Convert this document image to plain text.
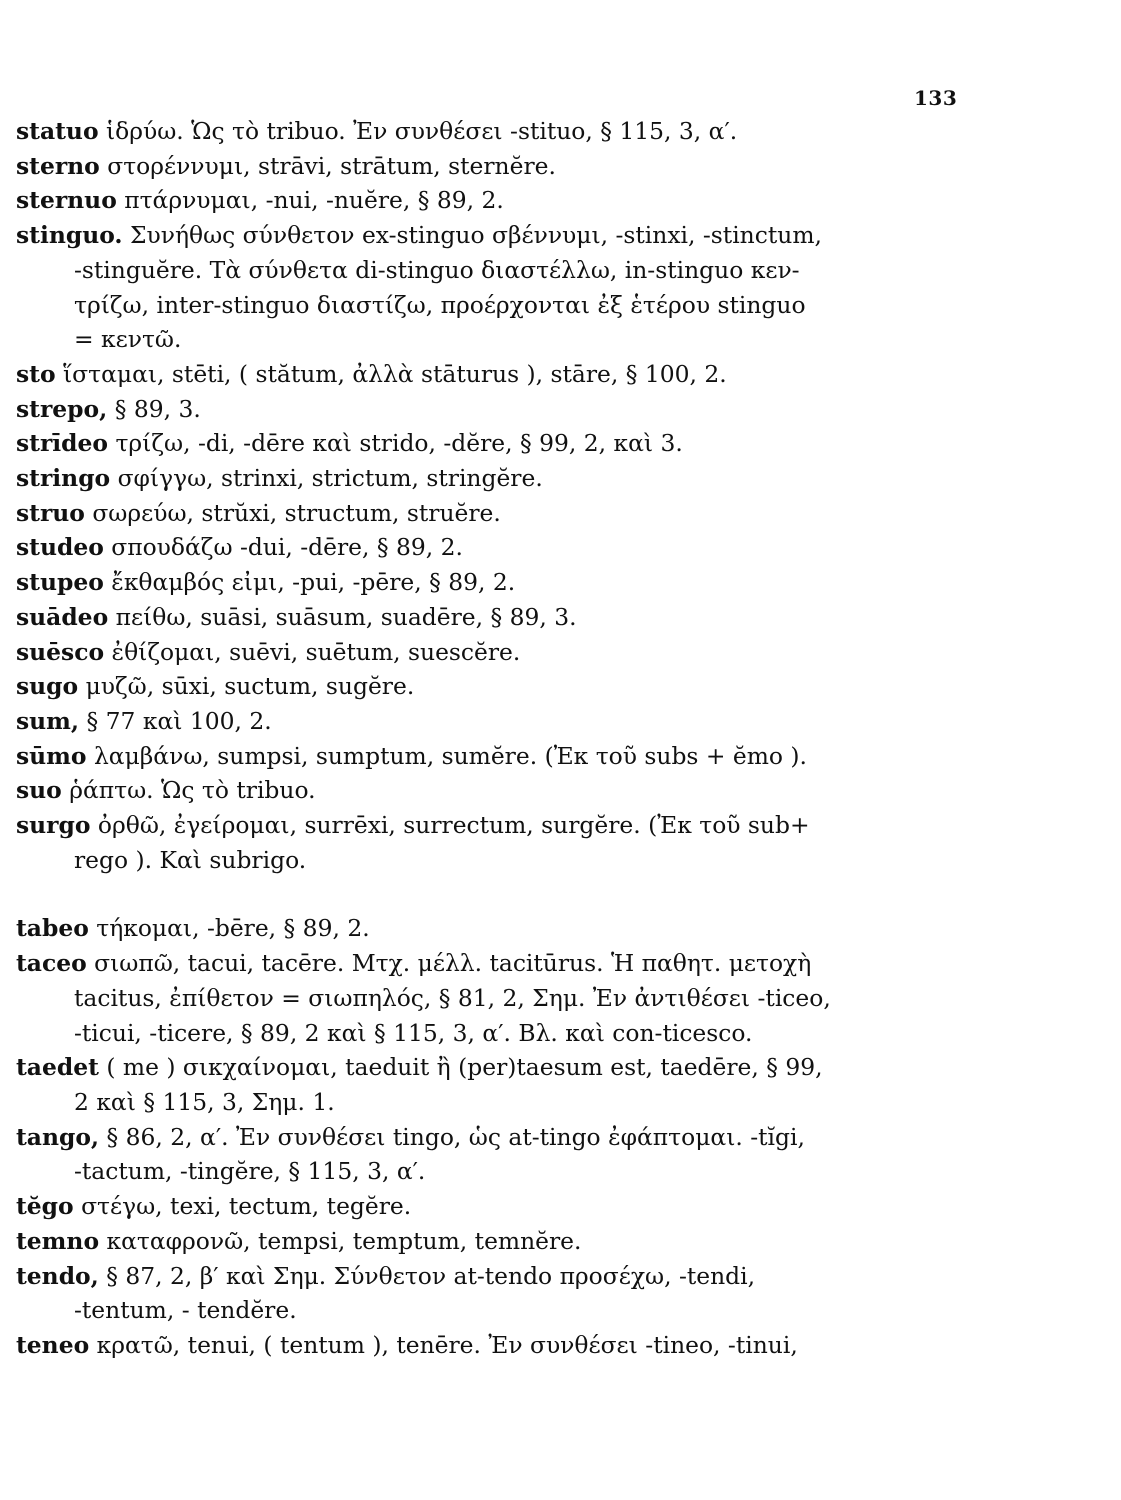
133
statuo ἱδρύω. Ὡς τὸ tribuo. Ἐν συνθέσει -stituo, § 115, 3, α′.
sterno στορέννυμι, strāvi, strātum, sternĕre.
sternuo πτάρνυμαι, -nui, -nuĕre, § 89, 2.
stinguo. Συνήθως σύνθετον ex-stinguo σβέννυμι, -stinxi, -stinctum,
-stinguĕre. Τὰ σύνθετα di-stinguo διαστέλλω, in-stinguo κεν-
τρίζω, inter-stinguo διαστίζω, προέρχονται ἐξ ἑτέρου stinguo
= κεντῶ.
sto ἵσταμαι, stēti, ( stătum, ἀλλὰ stāturus ), stāre, § 100, 2.
strepo, § 89, 3.
strīdeo τρίζω, -di, -dēre καὶ strido, -dĕre, § 99, 2, καὶ 3.
stringo σφίγγω, strinxi, strictum, stringĕre.
struo σωρεύω, strŭxi, structum, struĕre.
studeo σπουδάζω -dui, -dēre, § 89, 2.
stupeo ἔκθαμβός εἰμι, -pui, -pēre, § 89, 2.
suādeo πείθω, suāsi, suāsum, suadēre, § 89, 3.
suēsco ἐθίζομαι, suēvi, suētum, suescĕre.
sugo μυζῶ, sūxi, suctum, sugĕre.
sum, § 77 καὶ 100, 2.
sūmo λαμβάνω, sumpsi, sumptum, sumĕre. (Ἐκ τοῦ subs + ĕmo ).
suo ῥάπτω. Ὡς τὸ tribuo.
surgo ὀρθῶ, ἐγείρομαι, surrēxi, surrectum, surgĕre. (Ἐκ τοῦ sub+
rego ). Καὶ subrigo.
tabeo τήκομαι, -bēre, § 89, 2.
taceo σιωπῶ, tacui, tacēre. Μτχ. μέλλ. tacitūrus. Ἡ παθητ. μετοχὴ
tacitus, ἐπίθετον = σιωπηλός, § 81, 2, Σημ. Ἐν ἀντιθέσει -ticeo,
-ticui, -ticere, § 89, 2 καὶ § 115, 3, α′. Βλ. καὶ con-ticesco.
taedet ( me ) σικχαίνομαι, taeduit ἢ (per)taesum est, taedēre, § 99,
2 καὶ § 115, 3, Σημ. 1.
tango, § 86, 2, α′. Ἐν συνθέσει tingo, ὡς at-tingo ἐφάπτομαι. -tĭgi,
-tactum, -tingĕre, § 115, 3, α′.
tĕgo στέγω, texi, tectum, tegĕre.
temno καταφρονῶ, tempsi, temptum, temnĕre.
tendo, § 87, 2, β′ καὶ Σημ. Σύνθετον at-tendo προσέχω, -tendi,
-tentum, - tendĕre.
teneo κρατῶ, tenui, ( tentum ), tenēre. Ἐν συνθέσει -tineo, -tinui,
